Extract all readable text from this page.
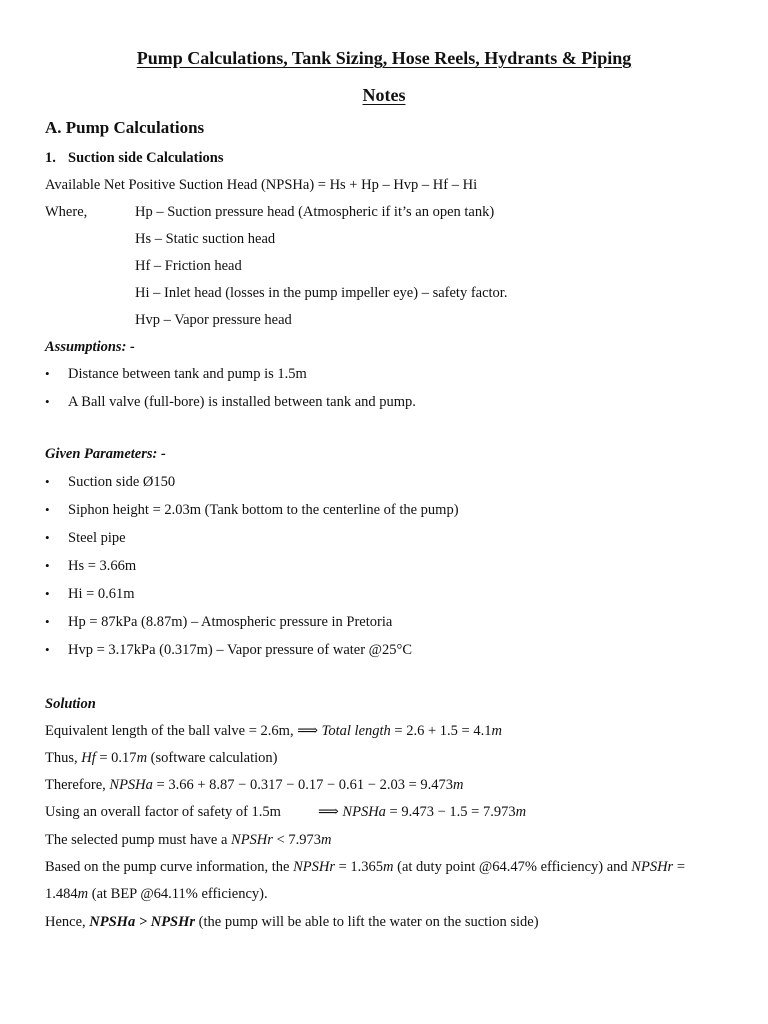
Pump Calculations, Tank Sizing, Hose Reels, Hydrants & Piping
Notes
A. Pump Calculations
1. Suction side Calculations
Available Net Positive Suction Head (NPSHa) = Hs + Hp – Hvp – Hf – Hi
Where,	Hp – Suction pressure head (Atmospheric if it’s an open tank)
Hs – Static suction head
Hf – Friction head
Hi – Inlet head (losses in the pump impeller eye) – safety factor.
Hvp – Vapor pressure head
Assumptions: -
• Distance between tank and pump is 1.5m
• A Ball valve (full-bore) is installed between tank and pump.
Given Parameters: -
• Suction side Ø150
• Siphon height = 2.03m (Tank bottom to the centerline of the pump)
• Steel pipe
• Hs = 3.66m
• Hi = 0.61m
• Hp = 87kPa (8.87m) – Atmospheric pressure in Pretoria
• Hvp = 3.17kPa (0.317m) – Vapor pressure of water @25°C
Solution
Equivalent length of the ball valve = 2.6m, ⟹ Total length = 2.6 + 1.5 = 4.1m
Thus, Hf = 0.17m (software calculation)
Therefore, NPSHa = 3.66 + 8.87 − 0.317 − 0.17 − 0.61 − 2.03 = 9.473m
Using an overall factor of safety of 1.5m	⟹ NPSHa = 9.473 − 1.5 = 7.973m
The selected pump must have a NPSHr < 7.973m
Based on the pump curve information, the NPSHr = 1.365m (at duty point @64.47% efficiency) and NPSHr =
1.484m (at BEP @64.11% efficiency).
Hence, NPSHa > NPSHr (the pump will be able to lift the water on the suction side)
